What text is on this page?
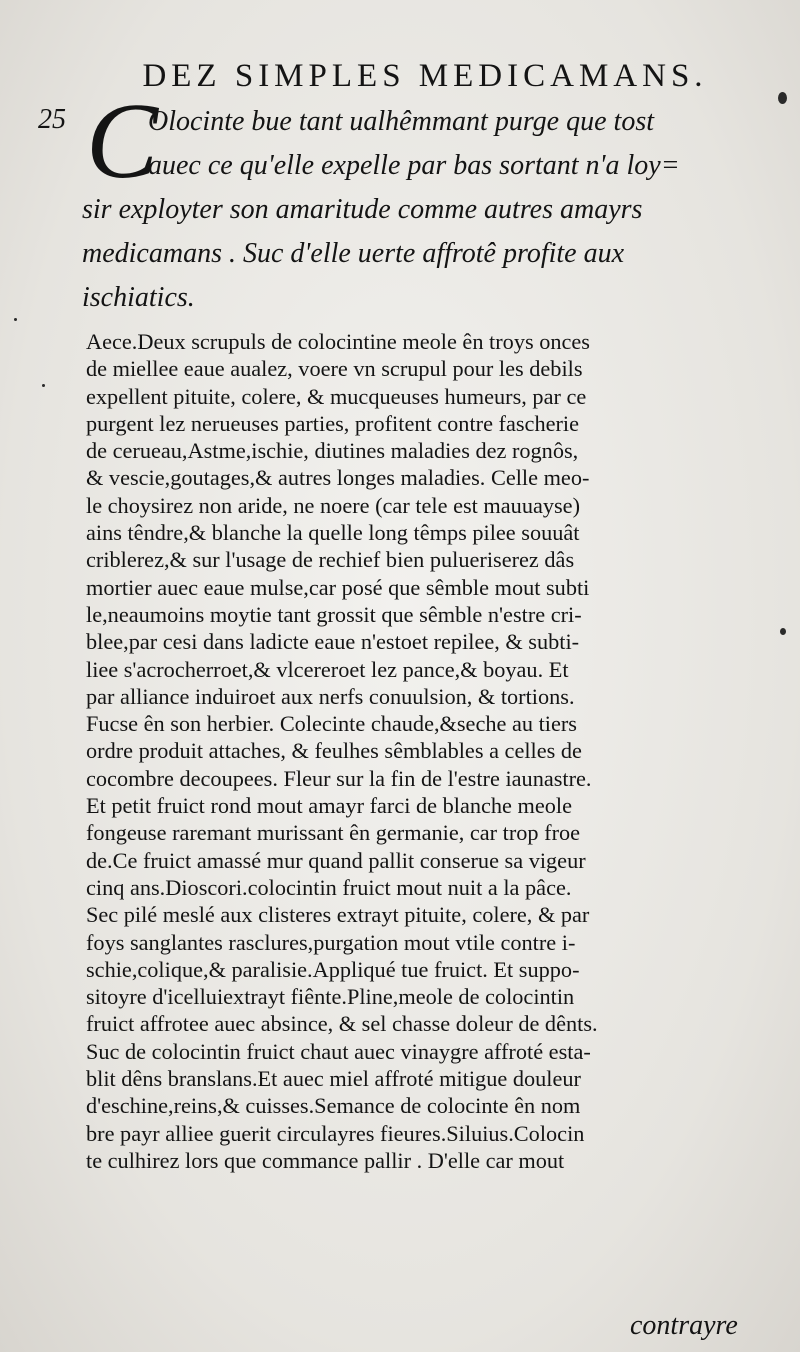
DEZ SIMPLES MEDICAMANS.
25 C
Olocinte bue tant ualhêmmant purge que tost
auec ce qu'elle expelle par bas sortant n'a loy=
sir exployter son amaritude comme autres amayrs
medicamans . Suc d'elle uerte affrotê profite aux
ischiatics.
Aece.Deux scrupuls de colocintine meole ên troys onces
de miellee eaue aualez, voere vn scrupul pour les debils
expellent pituite, colere, & mucqueuses humeurs, par ce
purgent lez nerueuses parties, profitent contre fascherie
de cerueau,Astme,ischie, diutines maladies dez rognôs,
& vescie,goutages,& autres longes maladies. Celle meo-
le choysirez non aride, ne noere (car tele est mauuayse)
ains têndre,& blanche la quelle long têmps pilee souuât
criblerez,& sur l'usage de rechief bien pulueriserez dâs
mortier auec eaue mulse,car posé que sêmble mout subti
le,neaumoins moytie tant grossit que sêmble n'estre cri-
blee,par cesi dans ladicte eaue n'estoet repilee, & subti-
liee s'acrocherroet,& vlcereroet lez pance,& boyau. Et
par alliance induiroet aux nerfs conuulsion, & tortions.
Fucse ên son herbier. Colecinte chaude,&seche au tiers
ordre produit attaches, & feulhes sêmblables a celles de
cocombre decoupees. Fleur sur la fin de l'estre iaunastre.
Et petit fruict rond mout amayr farci de blanche meole
fongeuse raremant murissant ên germanie, car trop froe
de.Ce fruict amassé mur quand pallit conserue sa vigeur
cinq ans.Dioscori.colocintin fruict mout nuit a la pâce.
Sec pilé meslé aux clisteres extrayt pituite, colere, & par
foys sanglantes rasclures,purgation mout vtile contre i-
schie,colique,& paralisie.Appliqué tue fruict. Et suppo-
sitoyre d'icelluiextrayt fiênte.Pline,meole de colocintin
fruict affrotee auec absince, & sel chasse doleur de dênts.
Suc de colocintin fruict chaut auec vinaygre affroté esta-
blit dêns branslans.Et auec miel affroté mitigue douleur
d'eschine,reins,& cuisses.Semance de colocinte ên nom
bre payr alliee guerit circulayres fieures.Siluius.Colocin
te culhirez lors que commance pallir . D'elle car mout
contrayre
